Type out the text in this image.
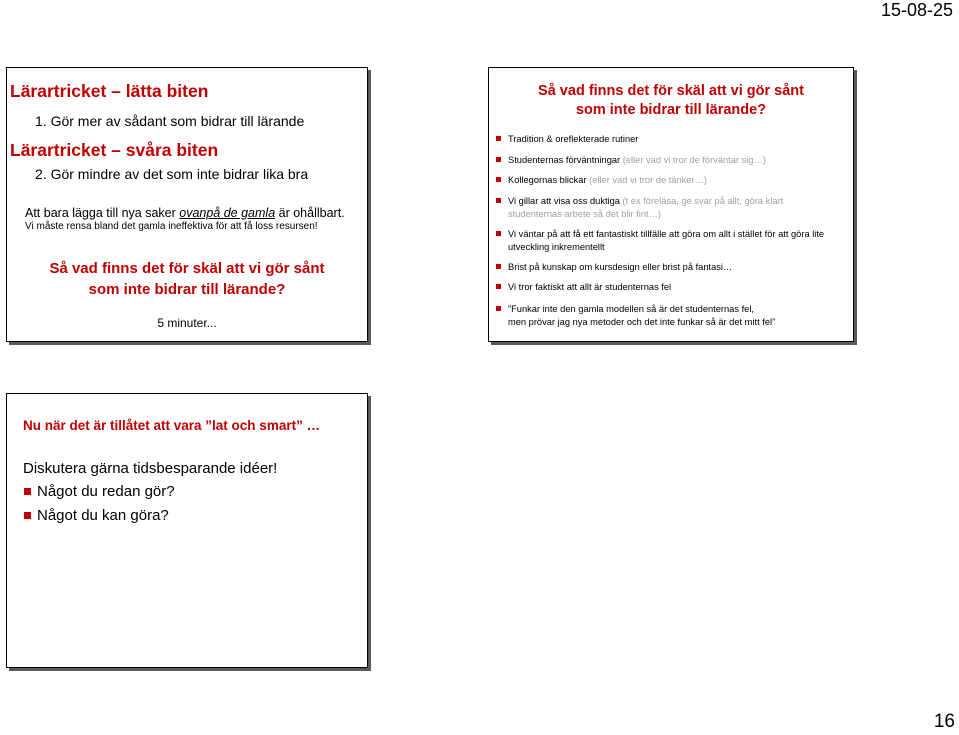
15-08-25
Lärartricket – lätta biten
1. Gör mer av sådant som bidrar till lärande
Lärartricket – svåra biten
2. Gör mindre av det som inte bidrar lika bra
Att bara lägga till nya saker ovanpå de gamla är ohållbart.
Vi måste rensa bland det gamla ineffektiva för att få loss resursen!
Så vad finns det för skäl att vi gör sånt
som inte bidrar till lärande?
5 minuter...
Så vad finns det för skäl att vi gör sånt
som inte bidrar till lärande?
Tradition & oreflekterade rutiner
Studenternas förväntningar (eller vad vi tror de förväntar sig…)
Kollegornas blickar (eller vad vi tror de tänker…)
Vi gillar att visa oss duktiga (t ex föreläsa, ge svar på allt, göra klart studenternas arbete så det blir fint…)
Vi väntar på att få ett fantastiskt tillfälle att göra om allt i stället för att göra lite utveckling inkrementellt
Brist på kunskap om kursdesign eller brist på fantasi…
Vi tror faktiskt att allt är studenternas fel
”Funkar inte den gamla modellen så är det studenternas fel,
men prövar jag nya metoder och det inte funkar så är det mitt fel”
Nu när det är tillåtet att vara ”lat och smart” …
Diskutera gärna tidsbesparande idéer!
Något du redan gör?
Något du kan göra?
16
